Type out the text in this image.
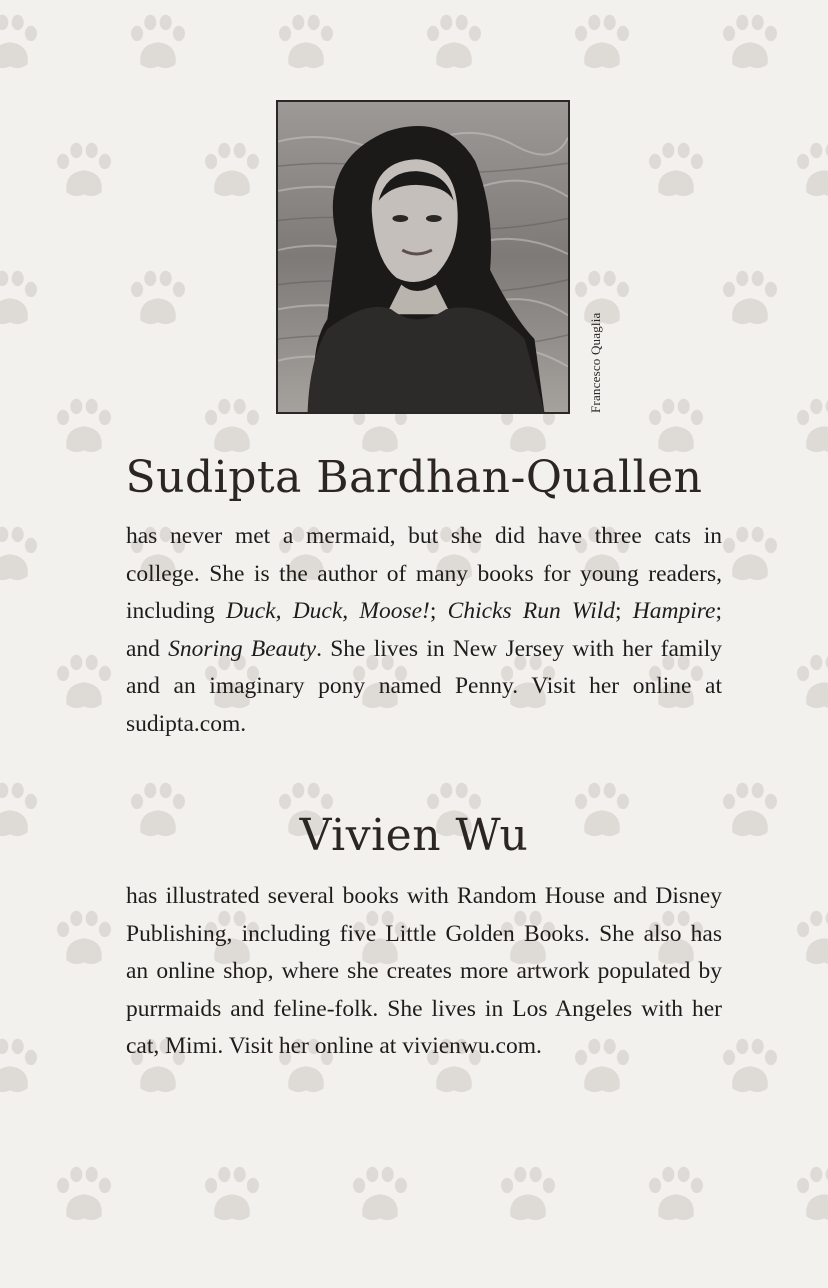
Francesco Quaglia
Sudipta Bardhan-Quallen
has never met a mermaid, but she did have three cats in college. She is the author of many books for young readers, including Duck, Duck, Moose!; Chicks Run Wild; Hampire; and Snoring Beauty. She lives in New Jersey with her family and an imaginary pony named Penny. Visit her online at sudipta.com.
Vivien Wu
has illustrated several books with Random House and Disney Publishing, including five Little Golden Books. She also has an online shop, where she creates more artwork populated by purrmaids and feline-folk. She lives in Los Angeles with her cat, Mimi. Visit her online at vivienwu.com.
